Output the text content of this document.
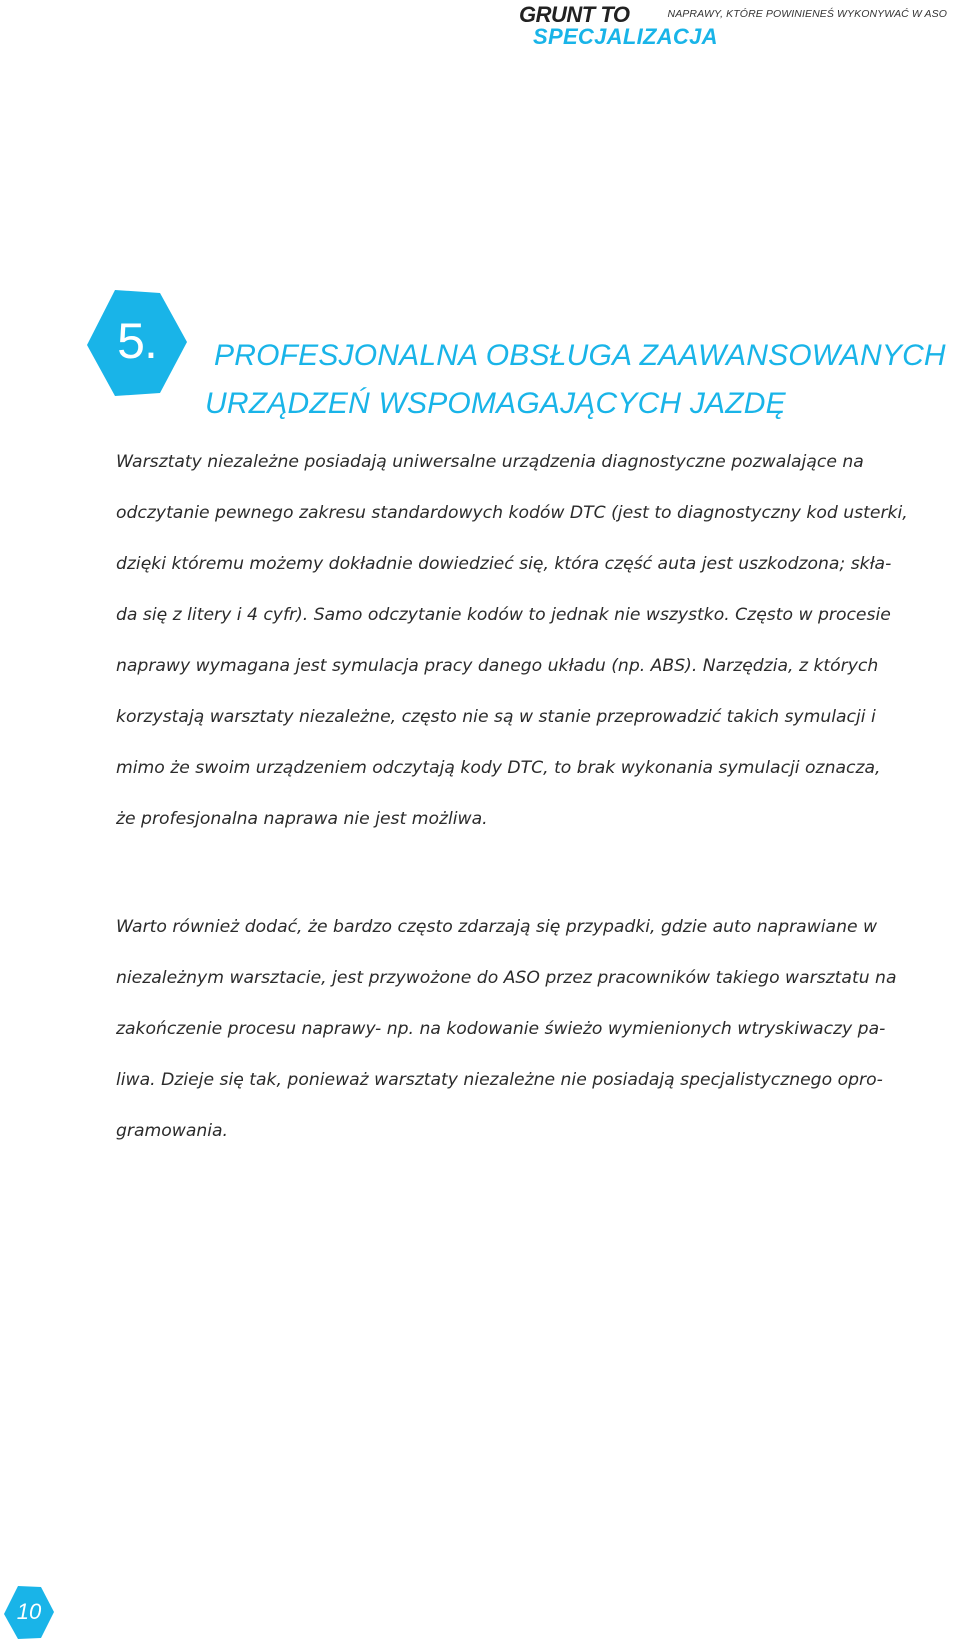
GRUNT TO
SPECJALIZACJA
NAPRAWY, KTÓRE POWINIENEŚ WYKONYWAĆ W ASO
5.	PROFESJONALNA OBSŁUGA ZAAWANSOWANYCH
URZĄDZEŃ WSPOMAGAJĄCYCH JAZDĘ
Warsztaty niezależne posiadają uniwersalne urządzenia diagnostyczne pozwalające na
odczytanie pewnego zakresu standardowych kodów DTC (jest to diagnostyczny kod usterki,
dzięki któremu możemy dokładnie dowiedzieć się, która część auta jest uszkodzona; skła-
da się z litery i 4 cyfr). Samo odczytanie kodów to jednak nie wszystko. Często w procesie
naprawy wymagana jest symulacja pracy danego układu (np. ABS). Narzędzia, z których
korzystają warsztaty niezależne, często nie są w stanie przeprowadzić takich symulacji i
mimo że swoim urządzeniem odczytają kody DTC, to brak wykonania symulacji oznacza,
że profesjonalna naprawa nie jest możliwa.
Warto również dodać, że bardzo często zdarzają się przypadki, gdzie auto naprawiane w
niezależnym warsztacie, jest przywożone do ASO przez pracowników takiego warsztatu na
zakończenie procesu naprawy- np. na kodowanie świeżo wymienionych wtryskiwaczy pa-
liwa. Dzieje się tak, ponieważ warsztaty niezależne nie posiadają specjalistycznego opro-
gramowania.
10
